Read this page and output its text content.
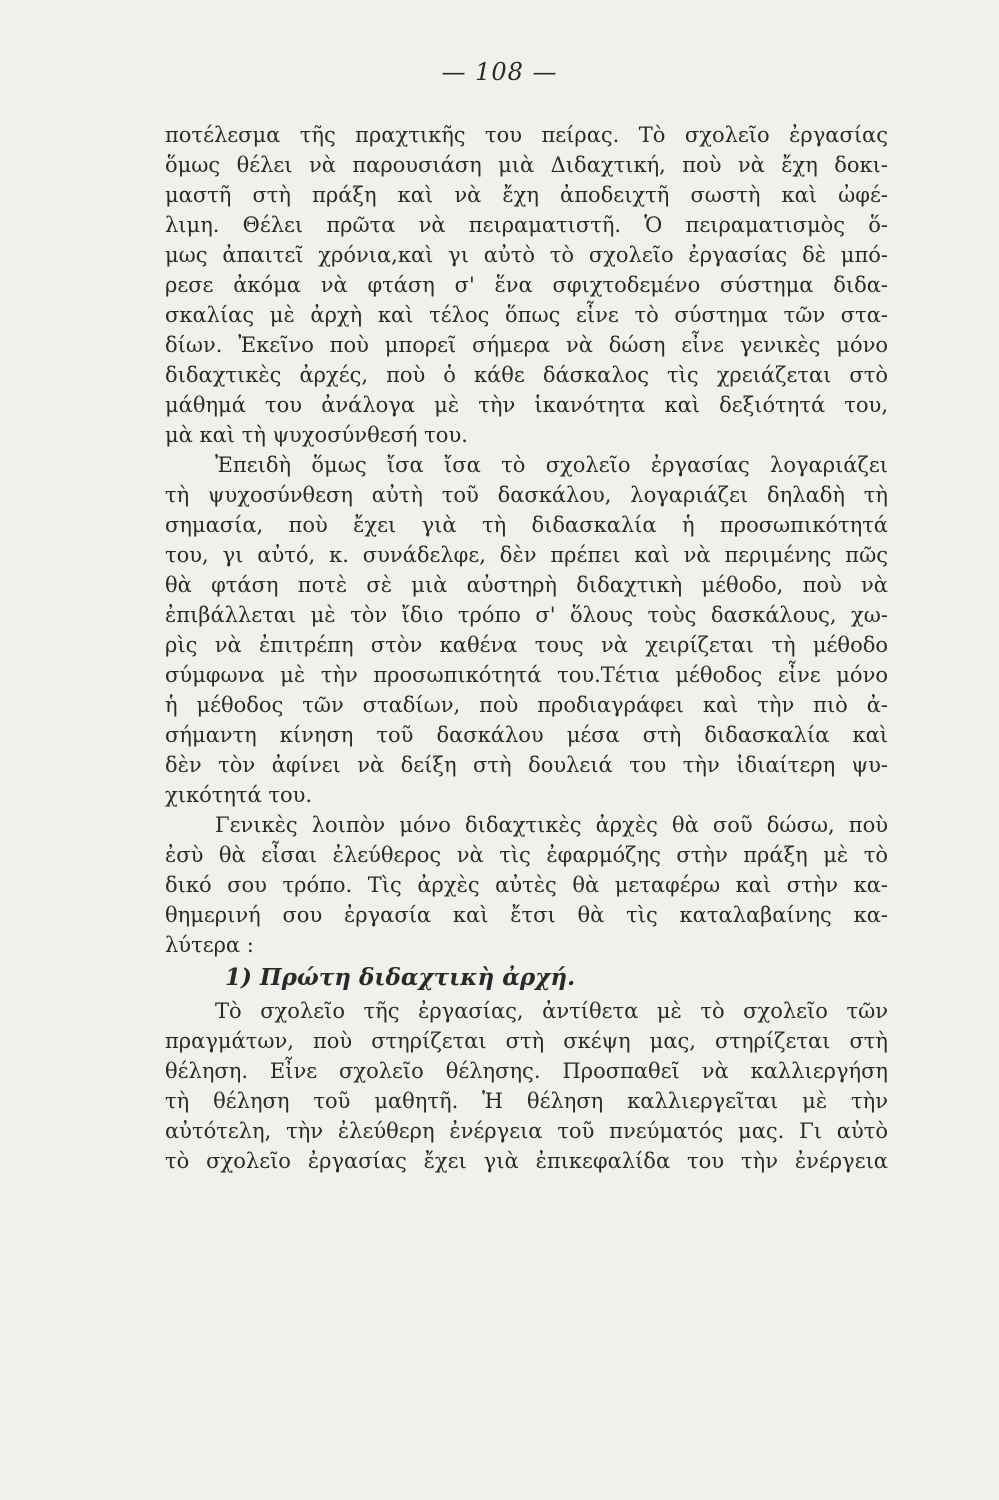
— 108 —
ποτέλεσμα τῆς πραχτικῆς του πείρας. Τὸ σχολεῖο ἐργασίας
ὅμως θέλει νὰ παρουσιάση μιὰ Διδαχτική, ποὺ νὰ ἔχη δοκι-
μαστῆ στὴ πράξη καὶ νὰ ἔχη ἀποδειχτῆ σωστὴ καὶ ὠφέ-
λιμη. Θέλει πρῶτα νὰ πειραματιστῆ. Ὁ πειραματισμὸς ὅ-
μως ἀπαιτεῖ χρόνια,καὶ γι αὐτὸ τὸ σχολεῖο ἐργασίας δὲ μπό-
ρεσε ἀκόμα νὰ φτάση σ' ἕνα σφιχτοδεμένο σύστημα διδα-
σκαλίας μὲ ἀρχὴ καὶ τέλος ὅπως εἶνε τὸ σύστημα τῶν στα-
δίων. Ἐκεῖνο ποὺ μπορεῖ σήμερα νὰ δώση εἶνε γενικὲς μόνο
διδαχτικὲς ἀρχές, ποὺ ὁ κάθε δάσκαλος τὶς χρειάζεται στὸ
μάθημά του ἀνάλογα μὲ τὴν ἱκανότητα καὶ δεξιότητά του,
μὰ καὶ τὴ ψυχοσύνθεσή του.
Ἐπειδὴ ὅμως ἴσα ἴσα τὸ σχολεῖο ἐργασίας λογαριάζει
τὴ ψυχοσύνθεση αὐτὴ τοῦ δασκάλου, λογαριάζει δηλαδὴ τὴ
σημασία, ποὺ ἔχει γιὰ τὴ διδασκαλία ἡ προσωπικότητά
του, γι αὐτό, κ. συνάδελφε, δὲν πρέπει καὶ νὰ περιμένης πῶς
θὰ φτάση ποτὲ σὲ μιὰ αὐστηρὴ διδαχτικὴ μέθοδο, ποὺ νὰ
ἐπιβάλλεται μὲ τὸν ἴδιο τρόπο σ' ὅλους τοὺς δασκάλους, χω-
ρὶς νὰ ἐπιτρέπη στὸν καθένα τους νὰ χειρίζεται τὴ μέθοδο
σύμφωνα μὲ τὴν προσωπικότητά του.Τέτια μέθοδος εἶνε μόνο
ἡ μέθοδος τῶν σταδίων, ποὺ προδιαγράφει καὶ τὴν πιὸ ἀ-
σήμαντη κίνηση τοῦ δασκάλου μέσα στὴ διδασκαλία καὶ
δὲν τὸν ἀφίνει νὰ δείξη στὴ δουλειά του τὴν ἰδιαίτερη ψυ-
χικότητά του.
Γενικὲς λοιπὸν μόνο διδαχτικὲς ἀρχὲς θὰ σοῦ δώσω, ποὺ
ἐσὺ θὰ εἶσαι ἐλεύθερος νὰ τὶς ἐφαρμόζης στὴν πράξη μὲ τὸ
δικό σου τρόπο. Τὶς ἀρχὲς αὐτὲς θὰ μεταφέρω καὶ στὴν κα-
θημερινή σου ἐργασία καὶ ἔτσι θὰ τὶς καταλαβαίνης κα-
λύτερα :
1) Πρώτη διδαχτικὴ ἀρχή.
Τὸ σχολεῖο τῆς ἐργασίας, ἀντίθετα μὲ τὸ σχολεῖο τῶν
πραγμάτων, ποὺ στηρίζεται στὴ σκέψη μας, στηρίζεται στὴ
θέληση. Εἶνε σχολεῖο θέλησης. Προσπαθεῖ νὰ καλλιεργήση
τὴ θέληση τοῦ μαθητῆ. Ἡ θέληση καλλιεργεῖται μὲ τὴν
αὐτότελη, τὴν ἐλεύθερη ἐνέργεια τοῦ πνεύματός μας. Γι αὐτὸ
τὸ σχολεῖο ἐργασίας ἔχει γιὰ ἐπικεφαλίδα του τὴν ἐνέργεια
